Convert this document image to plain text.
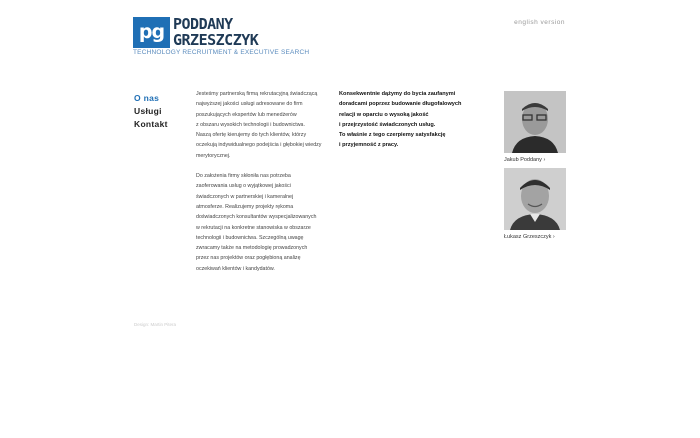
pg PODDANY
GRZESZCZYK
TECHNOLOGY RECRUITMENT & EXECUTIVE SEARCH
english version
O nas
Usługi
Kontakt

Jesteśmy partnerską firmą rekrutacyjną świadczącą
najwyższej jakości usługi adresowane do firm
poszukujących ekspertów lub menedżerów
z obszaru wysokich technologii i budownictwa.
Naszą ofertę kierujemy do tych klientów, którzy
oczekują indywidualnego podejścia i głębokiej wiedzy
merytorycznej.

Do założenia firmy skłoniła nas potrzeba
zaoferowania usług o wyjątkowej jakości
świadczonych w partnerskiej i kameralnej
atmosferze. Realizujemy projekty rękoma
doświadczonych konsultantów wyspecjalizowanych
w rekrutacji na konkretne stanowiska w obszarze
technologii i budownictwa. Szczególną uwagę
zwracamy także na metodologię prowadzonych
przez nas projektów oraz pogłębioną analizę
oczekiwań klientów i kandydatów.

Konsekwentnie dążymy do bycia zaufanymi
doradcami poprzez budowanie długofalowych
relacji w oparciu o wysoką jakość
i przejrzystość świadczonych usług.
To właśnie z tego czerpiemy satysfakcję
i przyjemność z pracy.

Jakub Poddany ›
Łukasz Grzeszczyk ›
Design: Martin Pitera
